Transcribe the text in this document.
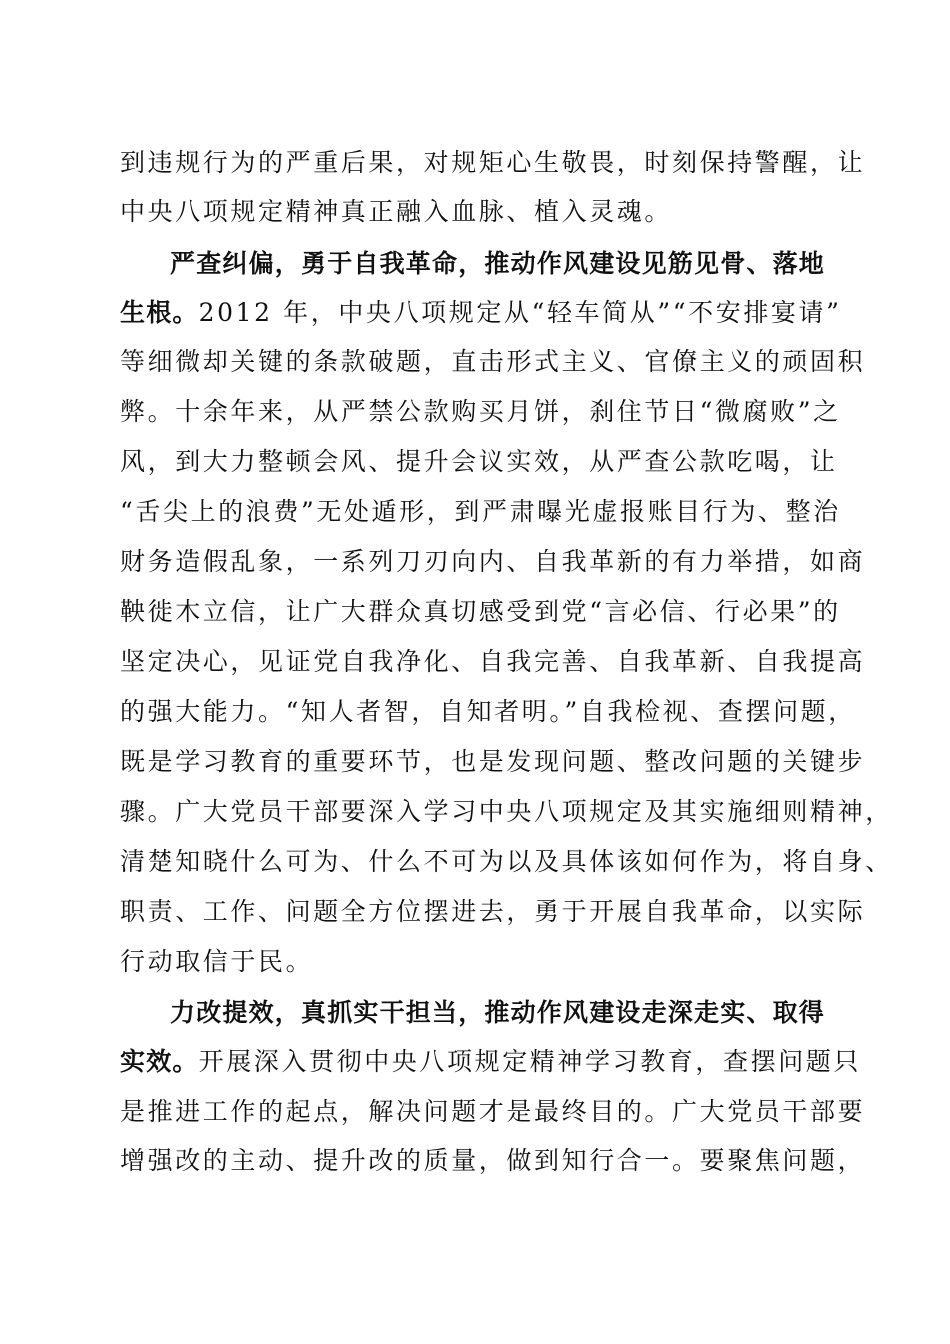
到违规行为的严重后果，对规矩心生敬畏，时刻保持警醒，让
中央八项规定精神真正融入血脉、植入灵魂。
严查纠偏，勇于自我革命，推动作风建设见筋见骨、落地
生根。2012 年，中央八项规定从“轻车简从”“不安排宴请”
等细微却关键的条款破题，直击形式主义、官僚主义的顽固积
弊。十余年来，从严禁公款购买月饼，刹住节日“微腐败”之
风，到大力整顿会风、提升会议实效，从严查公款吃喝，让
“舌尖上的浪费”无处遁形，到严肃曝光虚报账目行为、整治
财务造假乱象，一系列刀刃向内、自我革新的有力举措，如商
鞅徙木立信，让广大群众真切感受到党“言必信、行必果”的
坚定决心，见证党自我净化、自我完善、自我革新、自我提高
的强大能力。“知人者智，自知者明。”自我检视、查摆问题，
既是学习教育的重要环节，也是发现问题、整改问题的关键步
骤。广大党员干部要深入学习中央八项规定及其实施细则精神，
清楚知晓什么可为、什么不可为以及具体该如何作为，将自身、
职责、工作、问题全方位摆进去，勇于开展自我革命，以实际
行动取信于民。
力改提效，真抓实干担当，推动作风建设走深走实、取得
实效。开展深入贯彻中央八项规定精神学习教育，查摆问题只
是推进工作的起点，解决问题才是最终目的。广大党员干部要
增强改的主动、提升改的质量，做到知行合一。要聚焦问题，
